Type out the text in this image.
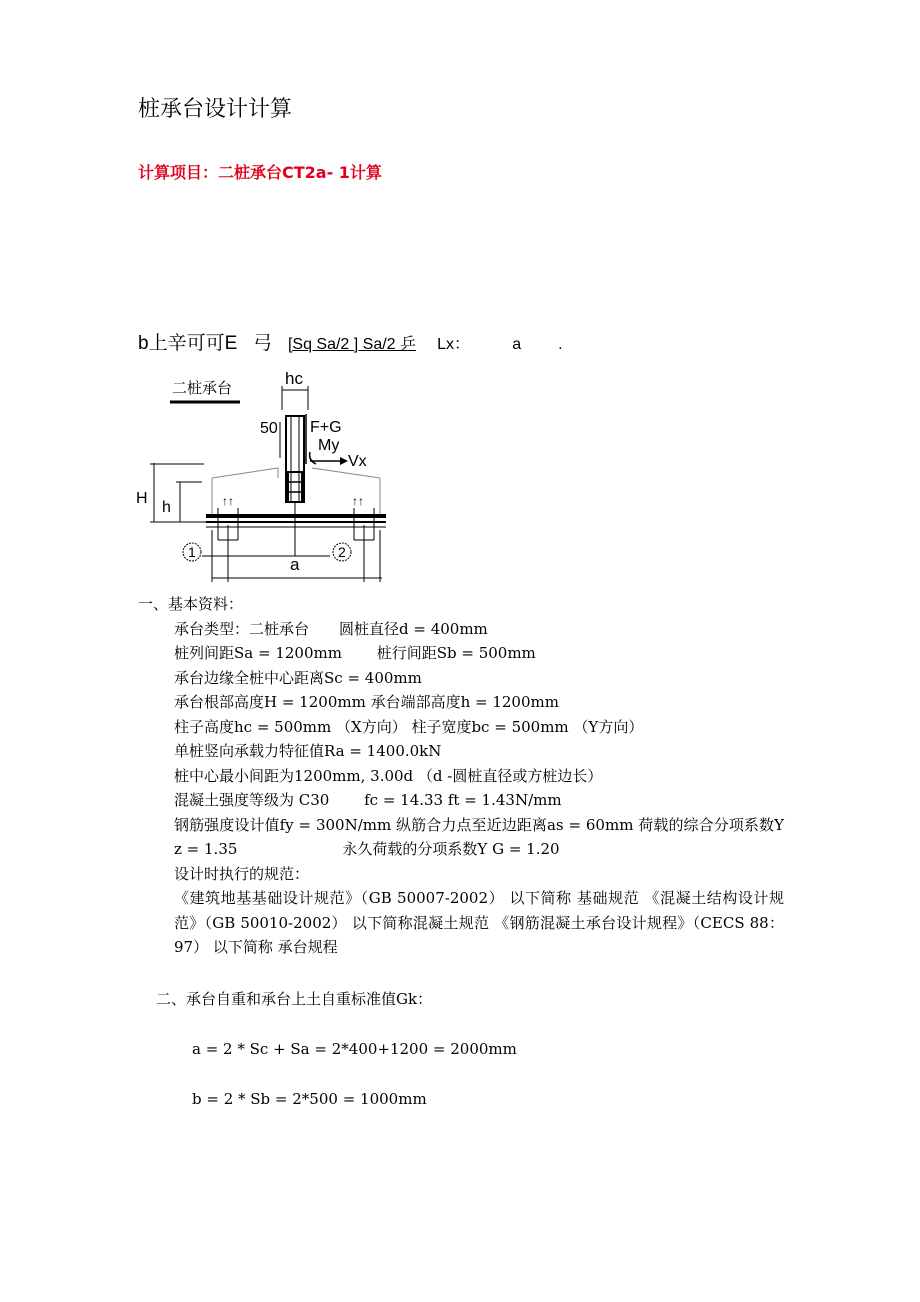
桩承台设计计算
计算项目：二桩承台CT2a- 1计算
b上辛可可E 弓 [Sq Sa/2 ] Sa/2 乒 Lx：	a .
二桩承台
hc
50 F+G
My
Vx
H
h	↑↑	↑↑
1	2
a
一、基本资料：
承台类型：二桩承台　　圆桩直径d = 400mm
桩列间距Sa = 1200mm　　 桩行间距Sb = 500mm
承台边缘全桩中心距离Sc = 400mm
承台根部高度H = 1200mm 承台端部高度h = 1200mm
柱子高度hc = 500mm （X方向） 柱子宽度bc = 500mm （Y方向）
单桩竖向承载力特征值Ra = 1400.0kN
桩中心最小间距为1200mm, 3.00d （d -圆桩直径或方桩边长）
混凝土强度等级为 C30　　 fc = 14.33 ft = 1.43N/mm
钢筋强度设计值fy = 300N/mm 纵筋合力点至近边距离as = 60mm 荷载的综合分项系数Y z = 1.35　　　　　　　永久荷载的分项系数Y G = 1.20
设计时执行的规范：
《建筑地基基础设计规范》（GB 50007-2002） 以下简称 基础规范 《混凝土结构设计规范》（GB 50010-2002） 以下简称混凝土规范 《钢筋混凝土承台设计规程》（CECS 88： 97） 以下简称 承台规程
二、承台自重和承台上土自重标准值Gk：
a = 2 * Sc + Sa = 2*400+1200 = 2000mm
b = 2 * Sb = 2*500 = 1000mm
